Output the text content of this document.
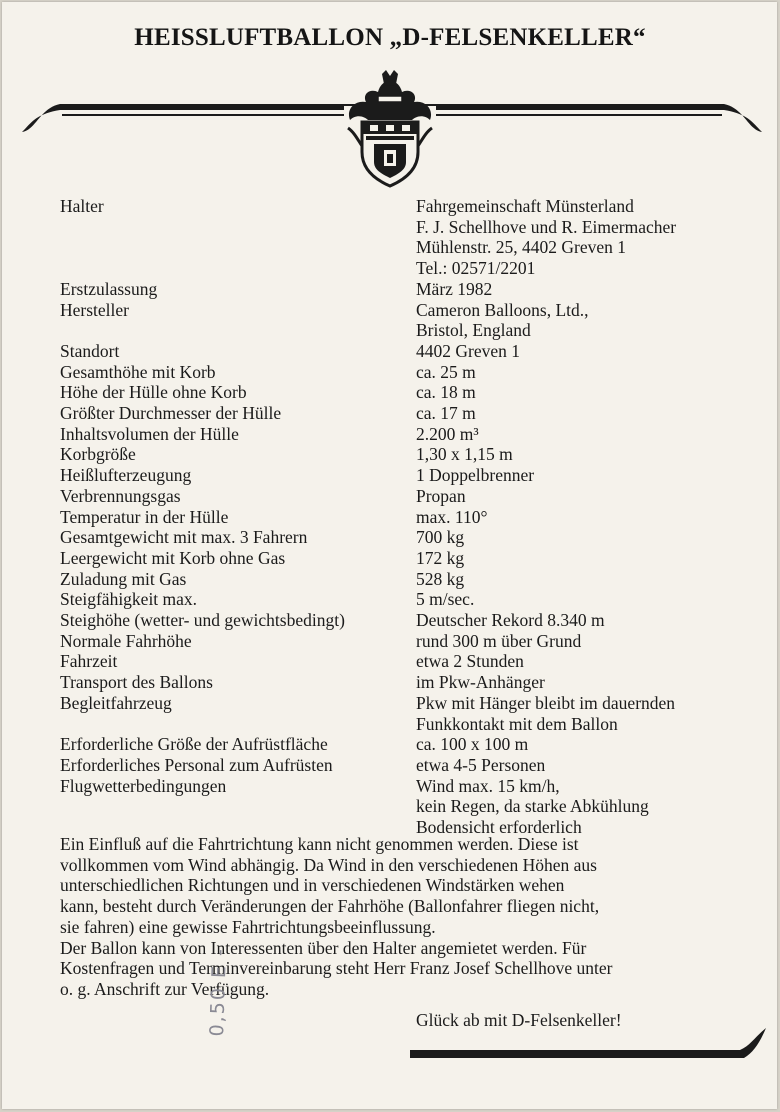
HEISSLUFTBALLON „D-FELSENKELLER“
Halter	Fahrgemeinschaft Münsterland
F. J. Schellhove und R. Eimermacher
Mühlenstr. 25, 4402 Greven 1
Tel.: 02571/2201
Erstzulassung	März 1982
Hersteller	Cameron Balloons, Ltd.,
Bristol, England
Standort	4402 Greven 1
Gesamthöhe mit Korb	ca. 25 m
Höhe der Hülle ohne Korb	ca. 18 m
Größter Durchmesser der Hülle	ca. 17 m
Inhaltsvolumen der Hülle	2.200 m³
Korbgröße	1,30 x 1,15 m
Heißlufterzeugung	1 Doppelbrenner
Verbrennungsgas	Propan
Temperatur in der Hülle	max. 110°
Gesamtgewicht mit max. 3 Fahrern	700 kg
Leergewicht mit Korb ohne Gas	172 kg
Zuladung mit Gas	528 kg
Steigfähigkeit max.	5 m/sec.
Steighöhe (wetter- und gewichtsbedingt)	Deutscher Rekord 8.340 m
Normale Fahrhöhe	rund 300 m über Grund
Fahrzeit	etwa 2 Stunden
Transport des Ballons	im Pkw-Anhänger
Begleitfahrzeug	Pkw mit Hänger bleibt im dauernden
Funkkontakt mit dem Ballon
Erforderliche Größe der Aufrüstfläche	ca. 100 x 100 m
Erforderliches Personal zum Aufrüsten	etwa 4-5 Personen
Flugwetterbedingungen	Wind max. 15 km/h,
kein Regen, da starke Abkühlung
Bodensicht erforderlich
Ein Einfluß auf die Fahrtrichtung kann nicht genommen werden. Diese ist
vollkommen vom Wind abhängig. Da Wind in den verschiedenen Höhen aus
unterschiedlichen Richtungen und in verschiedenen Windstärken wehen
kann, besteht durch Veränderungen der Fahrhöhe (Ballonfahrer fliegen nicht,
sie fahren) eine gewisse Fahrtrichtungsbeeinflussung.
Der Ballon kann von Interessenten über den Halter angemietet werden. Für
Kostenfragen und Terminvereinbarung steht Herr Franz Josef Schellhove unter
o. g. Anschrift zur Verfügung.
Glück ab mit D-Felsenkeller!
0,50 E -
